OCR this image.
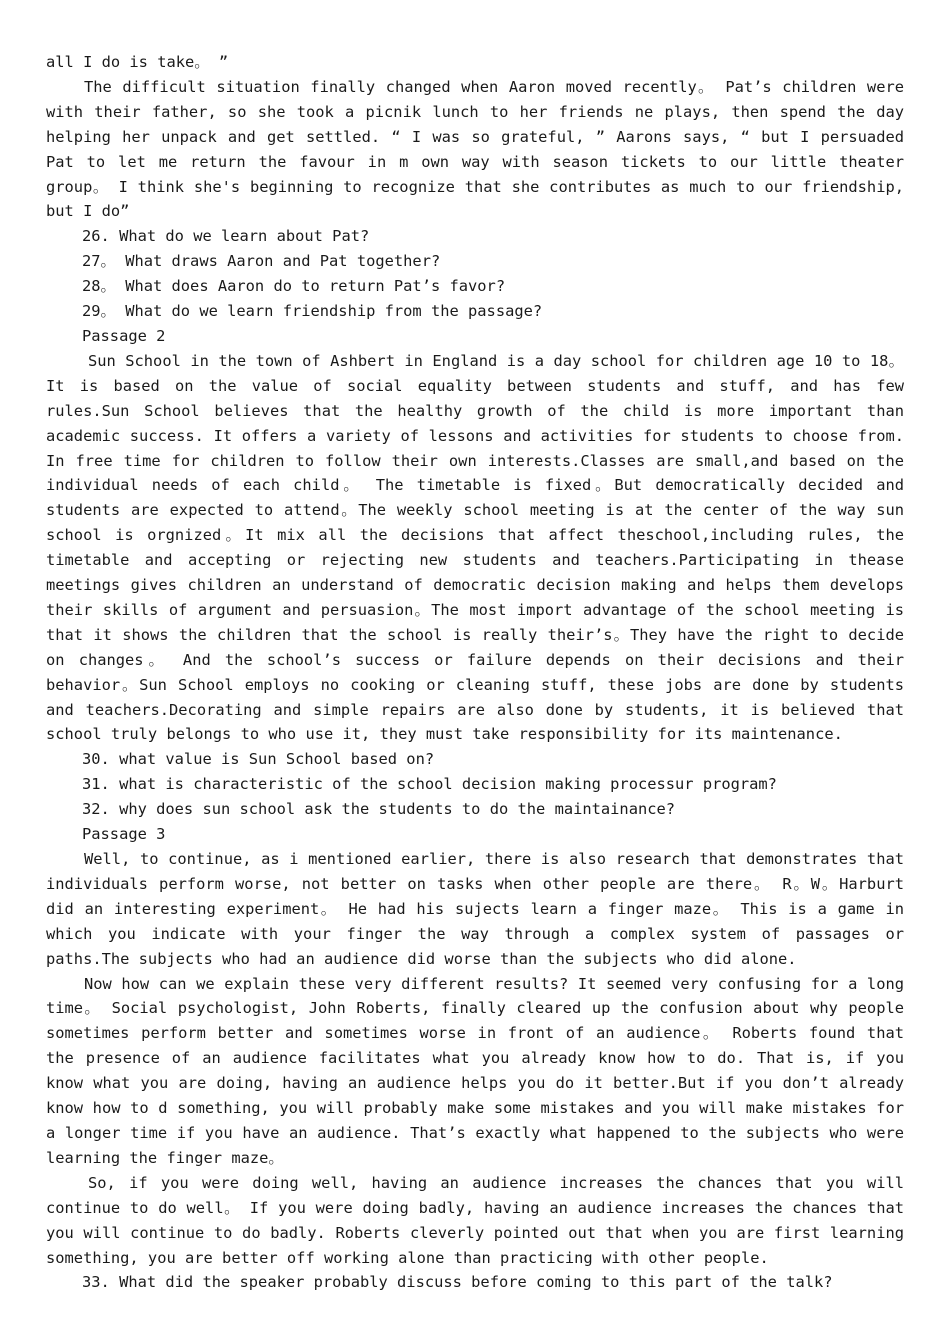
all I do is take。 ”

The difficult situation finally changed when Aaron moved recently。 Pat’s children were with their father, so she took a picnik lunch to her friends ne plays, then spend the day helping her unpack and get settled. “ I was so grateful, ” Aarons says, “ but I persuaded Pat to let me return the favour in m own way with season tickets to our little theater group。 I think she's beginning to recognize that she contributes as much to our friendship, but I do”

26. What do we learn about Pat?

27。 What draws Aaron and Pat together?

28。 What does Aaron do to return Pat’s favor?

29。 What do we learn friendship from the passage?

Passage 2

Sun School in the town of Ashbert in England is a day school for children age 10 to 18。It is based on the value of social equality between students and stuff, and has few rules.Sun School believes that the healthy growth of the child is more important than academic success. It offers a variety of lessons and activities for students to choose from. In free time for children to follow their own interests.Classes are small,and based on the individual needs of each child。 The timetable is fixed。But democratically decided and students are expected to attend。The weekly school meeting is at the center of the way sun school is orgnized。It mix all the decisions that affect theschool,including rules, the timetable and accepting or rejecting new students and teachers.Participating in thease meetings gives children an understand of democratic decision making and helps them develops their skills of argument and persuasion。The most import advantage of the school meeting is that it shows the children that the school is really their’s。They have the right to decide on changes。 And the school’s success or failure depends on their decisions and their behavior。Sun School employs no cooking or cleaning stuff, these jobs are done by students and teachers.Decorating and simple repairs are also done by students, it is believed that school truly belongs to who use it, they must take responsibility for its maintenance.

30. what value is Sun School based on?

31. what is characteristic of the school decision making processur program?

32. why does sun school ask the students to do the maintainance?

Passage 3

Well, to continue, as i mentioned earlier, there is also research that demonstrates that individuals perform worse, not better on tasks when other people are there。 R。W。Harburt did an interesting experiment。 He had his sujects learn a finger maze。 This is a game in which you indicate with your finger the way through a complex system of passages or paths.The subjects who had an audience did worse than the subjects who did alone.

Now how can we explain these very different results? It seemed very confusing for a long time。 Social psychologist, John Roberts, finally cleared up the confusion about why people sometimes perform better and sometimes worse in front of an audience。 Roberts found that the presence of an audience facilitates what you already know how to do. That is, if you know what you are doing, having an audience helps you do it better.But if you don’t already know how to d something, you will probably make some mistakes and you will make mistakes for a longer time if you have an audience. That’s exactly what happened to the subjects who were learning the finger maze。

So, if you were doing well, having an audience increases the chances that you will continue to do well。 If you were doing badly, having an audience increases the chances that you will continue to do badly. Roberts cleverly pointed out that when you are first learning something, you are better off working alone than practicing with other people.

33. What did the speaker probably discuss before coming to this part of the talk?
